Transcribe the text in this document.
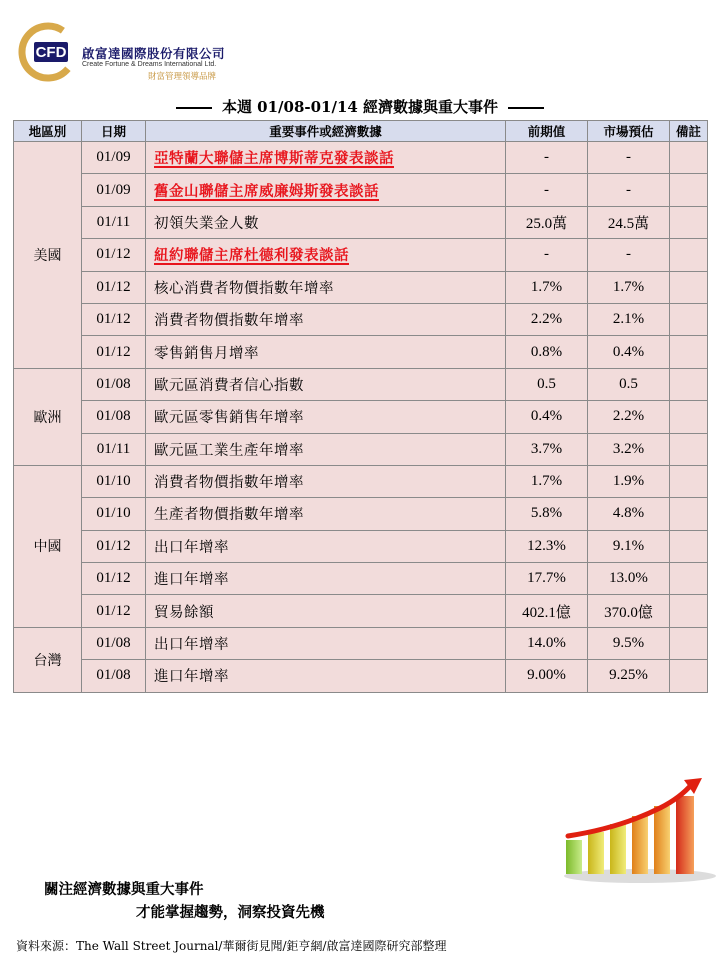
CFD 啟富達國際股份有限公司
Create Fortune & Dreams International Ltd.
財富管理領導品牌
本週 01/08-01/14 經濟數據與重大事件
地區別	日期	重要事件或經濟數據	前期值	市場預估	備註
美國	01/09	亞特蘭大聯儲主席博斯蒂克發表談話	-	-	
	01/09	舊金山聯儲主席威廉姆斯發表談話	-	-	
	01/11	初領失業金人數	25.0萬	24.5萬	
	01/12	紐約聯儲主席杜德利發表談話	-	-	
	01/12	核心消費者物價指數年增率	1.7%	1.7%	
	01/12	消費者物價指數年增率	2.2%	2.1%	
	01/12	零售銷售月增率	0.8%	0.4%	
歐洲	01/08	歐元區消費者信心指數	0.5	0.5	
	01/08	歐元區零售銷售年增率	0.4%	2.2%	
	01/11	歐元區工業生產年增率	3.7%	3.2%	
中國	01/10	消費者物價指數年增率	1.7%	1.9%	
	01/10	生產者物價指數年增率	5.8%	4.8%	
	01/12	出口年增率	12.3%	9.1%	
	01/12	進口年增率	17.7%	13.0%	
	01/12	貿易餘額	402.1億	370.0億	
台灣	01/08	出口年增率	14.0%	9.5%	
	01/08	進口年增率	9.00%	9.25%	
關注經濟數據與重大事件
才能掌握趨勢，洞察投資先機
資料來源：The Wall Street Journal/華爾街見聞/鉅亨網/啟富達國際研究部整理
